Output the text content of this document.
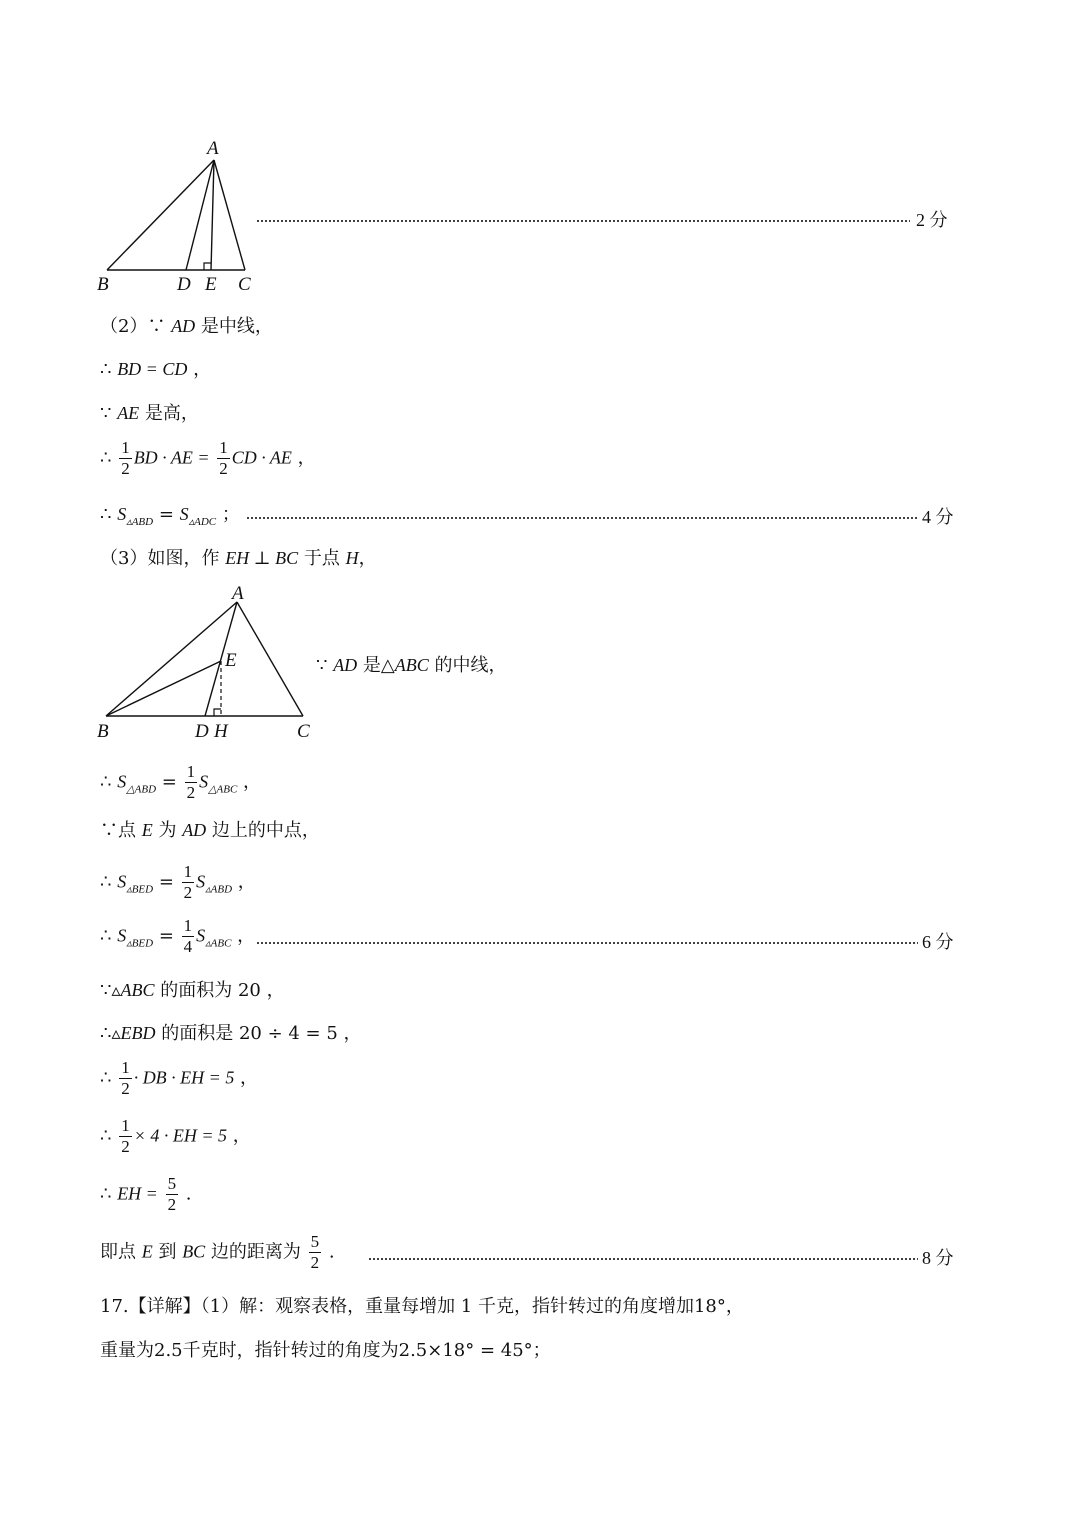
A
B	D E C
2 分
（2）∵ AD 是中线，
∴ BD = CD ，
∵ AE 是高，
∴ $\frac{1}{2}$ BD · AE = $\frac{1}{2}$ CD · AE ，
∴ $S_{▵ABD} = S_{▵ADC}$ ；	4 分
（3）如图，作 EH ⊥ BC 于点 H，
A
E
B	D H	C
∵ AD 是△ABC 的中线，
∴ $S_{\triangle ABD} = \frac{1}{2} S_{\triangle ABC}$ ，
∵点 E 为 AD 边上的中点，
∴ $S_{▵BED} = \frac{1}{2} S_{▵ABD}$ ，
∴ $S_{▵BED} = \frac{1}{4} S_{▵ABC}$ ，	6 分
∵▵ABC 的面积为 20 ，
∴▵EBD 的面积是 20 ÷ 4 = 5 ，
∴ $\frac{1}{2}$ · DB · EH = 5 ，
∴ $\frac{1}{2} \times 4$ · EH = 5 ，
∴ EH = $\frac{5}{2}$ .
即点 E 到 BC 边的距离为 $\frac{5}{2}$ .	8 分
17.【详解】（1）解：观察表格，重量每增加 1 千克，指针转过的角度增加18°，
重量为2.5千克时，指针转过的角度为2.5×18° = 45°；
